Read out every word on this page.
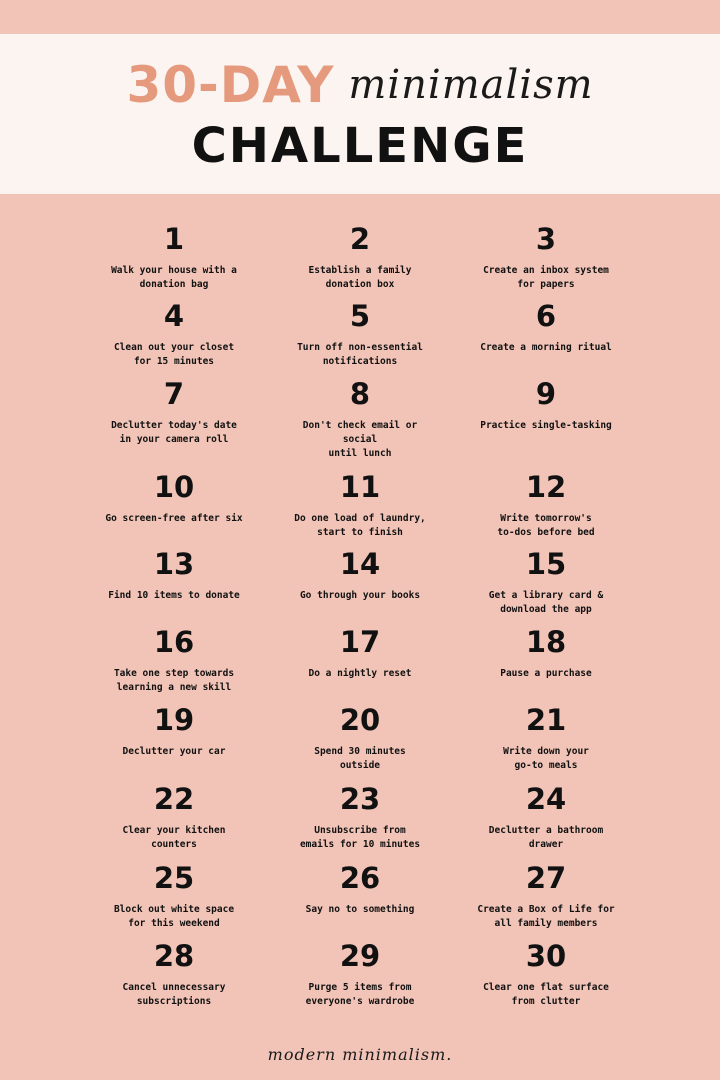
30-DAY minimalism
CHALLENGE
1
Walk your house with a
donation bag
2
Establish a family
donation box
3
Create an inbox system
for papers
4
Clean out your closet
for 15 minutes
5
Turn off non-essential
notifications
6
Create a morning ritual
7
Declutter today's date
in your camera roll
8
Don't check email or
social
until lunch
9
Practice single-tasking
10
Go screen-free after six
11
Do one load of laundry,
start to finish
12
Write tomorrow's
to-dos before bed
13
Find 10 items to donate
14
Go through your books
15
Get a library card &
download the app
16
Take one step towards
learning a new skill
17
Do a nightly reset
18
Pause a purchase
19
Declutter your car
20
Spend 30 minutes
outside
21
Write down your
go-to meals
22
Clear your kitchen
counters
23
Unsubscribe from
emails for 10 minutes
24
Declutter a bathroom
drawer
25
Block out white space
for this weekend
26
Say no to something
27
Create a Box of Life for
all family members
28
Cancel unnecessary
subscriptions
29
Purge 5 items from
everyone's wardrobe
30
Clear one flat surface
from clutter
modern minimalism.
